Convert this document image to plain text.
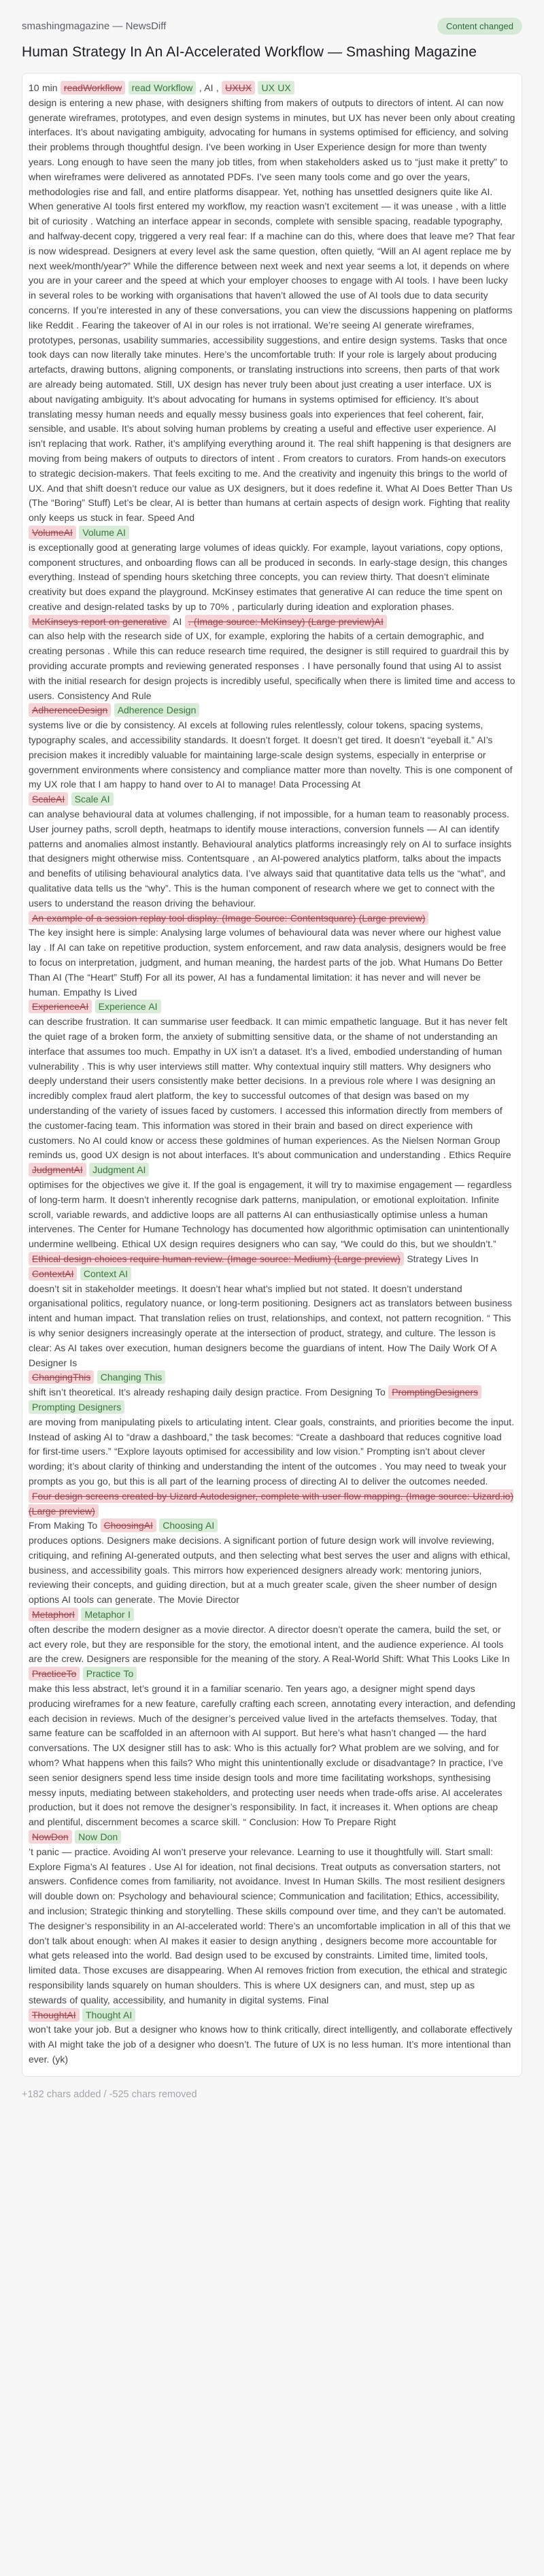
smashingmagazine — NewsDiff	Content changed
Human Strategy In An AI-Accelerated Workflow — Smashing Magazine
10 min readWorkflow read Workflow , AI , UXUX UX UX
design is entering a new phase, with designers shifting from makers of outputs to directors of intent. AI can now generate wireframes, prototypes, and even design systems in minutes, but UX has never been only about creating interfaces. It’s about navigating ambiguity, advocating for humans in systems optimised for efficiency, and solving their problems through thoughtful design. I’ve been working in User Experience design for more than twenty years. Long enough to have seen the many job titles, from when stakeholders asked us to “just make it pretty” to when wireframes were delivered as annotated PDFs. I’ve seen many tools come and go over the years, methodologies rise and fall, and entire platforms disappear. Yet, nothing has unsettled designers quite like AI. When generative AI tools first entered my workflow, my reaction wasn’t excitement — it was unease , with a little bit of curiosity . Watching an interface appear in seconds, complete with sensible spacing, readable typography, and halfway-decent copy, triggered a very real fear: If a machine can do this, where does that leave me? That fear is now widespread. Designers at every level ask the same question, often quietly, “Will an AI agent replace me by next week/month/year?” While the difference between next week and next year seems a lot, it depends on where you are in your career and the speed at which your employer chooses to engage with AI tools. I have been lucky in several roles to be working with organisations that haven’t allowed the use of AI tools due to data security concerns. If you’re interested in any of these conversations, you can view the discussions happening on platforms like Reddit . Fearing the takeover of AI in our roles is not irrational. We’re seeing AI generate wireframes, prototypes, personas, usability summaries, accessibility suggestions, and entire design systems. Tasks that once took days can now literally take minutes. Here’s the uncomfortable truth: If your role is largely about producing artefacts, drawing buttons, aligning components, or translating instructions into screens, then parts of that work are already being automated. Still, UX design has never truly been about just creating a user interface. UX is about navigating ambiguity. It’s about advocating for humans in systems optimised for efficiency. It’s about translating messy human needs and equally messy business goals into experiences that feel coherent, fair, sensible, and usable. It’s about solving human problems by creating a useful and effective user experience. AI isn’t replacing that work. Rather, it’s amplifying everything around it. The real shift happening is that designers are moving from being makers of outputs to directors of intent . From creators to curators. From hands-on executors to strategic decision-makers. That feels exciting to me. And the creativity and ingenuity this brings to the world of UX. And that shift doesn’t reduce our value as UX designers, but it does redefine it. What AI Does Better Than Us (The “Boring” Stuff) Let’s be clear, AI is better than humans at certain aspects of design work. Fighting that reality only keeps us stuck in fear. Speed And
VolumeAI Volume AI
is exceptionally good at generating large volumes of ideas quickly. For example, layout variations, copy options, component structures, and onboarding flows can all be produced in seconds. In early-stage design, this changes everything. Instead of spending hours sketching three concepts, you can review thirty. That doesn’t eliminate creativity but does expand the playground. McKinsey estimates that generative AI can reduce the time spent on creative and design-related tasks by up to 70% , particularly during ideation and exploration phases.
McKinseys report on generative AI . (Image source: McKinsey) (Large preview)AI
can also help with the research side of UX, for example, exploring the habits of a certain demographic, and creating personas . While this can reduce research time required, the designer is still required to guardrail this by providing accurate prompts and reviewing generated responses . I have personally found that using AI to assist with the initial research for design projects is incredibly useful, specifically when there is limited time and access to users. Consistency And Rule
AdherenceDesign Adherence Design
systems live or die by consistency. AI excels at following rules relentlessly, colour tokens, spacing systems, typography scales, and accessibility standards. It doesn’t forget. It doesn’t get tired. It doesn’t “eyeball it.” AI’s precision makes it incredibly valuable for maintaining large-scale design systems, especially in enterprise or government environments where consistency and compliance matter more than novelty. This is one component of my UX role that I am happy to hand over to AI to manage! Data Processing At
ScaleAI Scale AI
can analyse behavioural data at volumes challenging, if not impossible, for a human team to reasonably process. User journey paths, scroll depth, heatmaps to identify mouse interactions, conversion funnels — AI can identify patterns and anomalies almost instantly. Behavioural analytics platforms increasingly rely on AI to surface insights that designers might otherwise miss. Contentsquare , an AI-powered analytics platform, talks about the impacts and benefits of utilising behavioural analytics data. I’ve always said that quantitative data tells us the “what”, and qualitative data tells us the “why”. This is the human component of research where we get to connect with the users to understand the reason driving the behaviour.
An example of a session replay tool display. (Image Source: Contentsquare) (Large preview)
The key insight here is simple: Analysing large volumes of behavioural data was never where our highest value lay . If AI can take on repetitive production, system enforcement, and raw data analysis, designers would be free to focus on interpretation, judgment, and human meaning, the hardest parts of the job. What Humans Do Better Than AI (The “Heart” Stuff) For all its power, AI has a fundamental limitation: it has never and will never be human. Empathy Is Lived
ExperienceAI Experience AI
can describe frustration. It can summarise user feedback. It can mimic empathetic language. But it has never felt the quiet rage of a broken form, the anxiety of submitting sensitive data, or the shame of not understanding an interface that assumes too much. Empathy in UX isn’t a dataset. It’s a lived, embodied understanding of human vulnerability . This is why user interviews still matter. Why contextual inquiry still matters. Why designers who deeply understand their users consistently make better decisions. In a previous role where I was designing an incredibly complex fraud alert platform, the key to successful outcomes of that design was based on my understanding of the variety of issues faced by customers. I accessed this information directly from members of the customer-facing team. This information was stored in their brain and based on direct experience with customers. No AI could know or access these goldmines of human experiences. As the Nielsen Norman Group reminds us, good UX design is not about interfaces. It’s about communication and understanding . Ethics Require
JudgmentAI Judgment AI
optimises for the objectives we give it. If the goal is engagement, it will try to maximise engagement — regardless of long-term harm. It doesn’t inherently recognise dark patterns, manipulation, or emotional exploitation. Infinite scroll, variable rewards, and addictive loops are all patterns AI can enthusiastically optimise unless a human intervenes. The Center for Humane Technology has documented how algorithmic optimisation can unintentionally undermine wellbeing. Ethical UX design requires designers who can say, “We could do this, but we shouldn’t.”
Ethical design choices require human review. (Image source: Medium) (Large preview) Strategy Lives In
ContextAI Context AI
doesn’t sit in stakeholder meetings. It doesn’t hear what’s implied but not stated. It doesn’t understand organisational politics, regulatory nuance, or long-term positioning. Designers act as translators between business intent and human impact. That translation relies on trust, relationships, and context, not pattern recognition. “ This is why senior designers increasingly operate at the intersection of product, strategy, and culture. The lesson is clear: As AI takes over execution, human designers become the guardians of intent. How The Daily Work Of A Designer Is
ChangingThis Changing This
shift isn’t theoretical. It’s already reshaping daily design practice. From Designing To PromptingDesigners Prompting Designers
are moving from manipulating pixels to articulating intent. Clear goals, constraints, and priorities become the input. Instead of asking AI to “draw a dashboard,” the task becomes: “Create a dashboard that reduces cognitive load for first-time users.” “Explore layouts optimised for accessibility and low vision.” Prompting isn’t about clever wording; it’s about clarity of thinking and understanding the intent of the outcomes . You may need to tweak your prompts as you go, but this is all part of the learning process of directing AI to deliver the outcomes needed.
Four design screens created by Uizard Autodesigner, complete with user flow mapping. (Image source: Uizard.io) (Large preview)
From Making To ChoosingAI Choosing AI
produces options. Designers make decisions. A significant portion of future design work will involve reviewing, critiquing, and refining AI-generated outputs, and then selecting what best serves the user and aligns with ethical, business, and accessibility goals. This mirrors how experienced designers already work: mentoring juniors, reviewing their concepts, and guiding direction, but at a much greater scale, given the sheer number of design options AI tools can generate. The Movie Director
MetaphorI Metaphor I
often describe the modern designer as a movie director. A director doesn’t operate the camera, build the set, or act every role, but they are responsible for the story, the emotional intent, and the audience experience. AI tools are the crew. Designers are responsible for the meaning of the story. A Real-World Shift: What This Looks Like In
PracticeTo Practice To
make this less abstract, let’s ground it in a familiar scenario. Ten years ago, a designer might spend days producing wireframes for a new feature, carefully crafting each screen, annotating every interaction, and defending each decision in reviews. Much of the designer’s perceived value lived in the artefacts themselves. Today, that same feature can be scaffolded in an afternoon with AI support. But here’s what hasn’t changed — the hard conversations. The UX designer still has to ask: Who is this actually for? What problem are we solving, and for whom? What happens when this fails? Who might this unintentionally exclude or disadvantage? In practice, I’ve seen senior designers spend less time inside design tools and more time facilitating workshops, synthesising messy inputs, mediating between stakeholders, and protecting user needs when trade-offs arise. AI accelerates production, but it does not remove the designer’s responsibility. In fact, it increases it. When options are cheap and plentiful, discernment becomes a scarce skill. “ Conclusion: How To Prepare Right
NowDon Now Don
’t panic — practice. Avoiding AI won’t preserve your relevance. Learning to use it thoughtfully will. Start small: Explore Figma’s AI features . Use AI for ideation, not final decisions. Treat outputs as conversation starters, not answers. Confidence comes from familiarity, not avoidance. Invest In Human Skills. The most resilient designers will double down on: Psychology and behavioural science; Communication and facilitation; Ethics, accessibility, and inclusion; Strategic thinking and storytelling. These skills compound over time, and they can’t be automated. The designer’s responsibility in an AI-accelerated world: There’s an uncomfortable implication in all of this that we don’t talk about enough: when AI makes it easier to design anything , designers become more accountable for what gets released into the world. Bad design used to be excused by constraints. Limited time, limited tools, limited data. Those excuses are disappearing. When AI removes friction from execution, the ethical and strategic responsibility lands squarely on human shoulders. This is where UX designers can, and must, step up as stewards of quality, accessibility, and humanity in digital systems. Final
ThoughtAI Thought AI
won’t take your job. But a designer who knows how to think critically, direct intelligently, and collaborate effectively with AI might take the job of a designer who doesn’t. The future of UX is no less human. It’s more intentional than ever. (yk)
+182 chars added / -525 chars removed
